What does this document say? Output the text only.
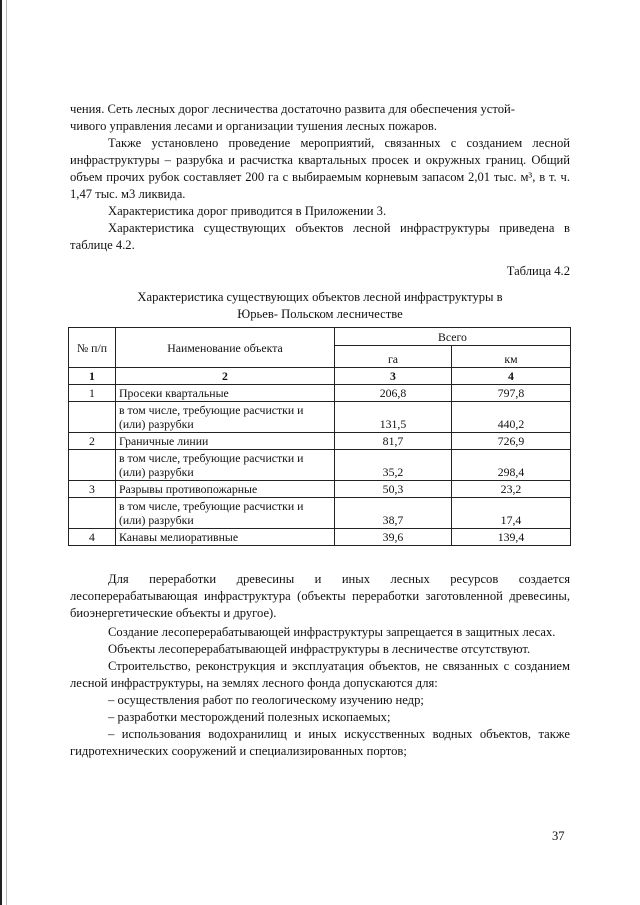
чения. Сеть лесных дорог лесничества достаточно развита для обеспечения устой-

чивого управления лесами и организации тушения лесных пожаров.

Также установлено проведение мероприятий, связанных с созданием лесной инфраструктуры – разрубка и расчистка квартальных просек и окружных границ. Общий объем прочих рубок составляет 200 га с выбираемым корневым запасом 2,01 тыс. м³, в т. ч. 1,47 тыс. м3 ликвида.

Характеристика дорог приводится в Приложении 3.

Характеристика существующих объектов лесной инфраструктуры приведена в таблице 4.2.

Таблица 4.2

Характеристика существующих объектов лесной инфраструктуры в

Юрьев- Польском лесничестве

№ п/п	Наименование объекта	Всего	
		га	км
1	2	3	4
1	Просеки квартальные	206,8	797,8
	в том числе, требующие расчистки и (или) разрубки	131,5	440,2
2	Граничные линии	81,7	726,9
	в том числе, требующие расчистки и (или) разрубки	35,2	298,4
3	Разрывы противопожарные	50,3	23,2
	в том числе, требующие расчистки и (или) разрубки	38,7	17,4
4	Канавы мелиоративные	39,6	139,4

Для переработки древесины и иных лесных ресурсов создается лесоперерабатывающая инфраструктура (объекты переработки заготовленной древесины, биоэнергетические объекты и другое).

Создание лесоперерабатывающей инфраструктуры запрещается в защитных лесах.

Объекты лесоперерабатывающей инфраструктуры в лесничестве отсутствуют.

Строительство, реконструкция и эксплуатация объектов, не связанных с созданием лесной инфраструктуры, на землях лесного фонда допускаются для:

– осуществления работ по геологическому изучению недр;

– разработки месторождений полезных ископаемых;

– использования водохранилищ и иных искусственных водных объектов, также гидротехнических сооружений и специализированных портов;

37
